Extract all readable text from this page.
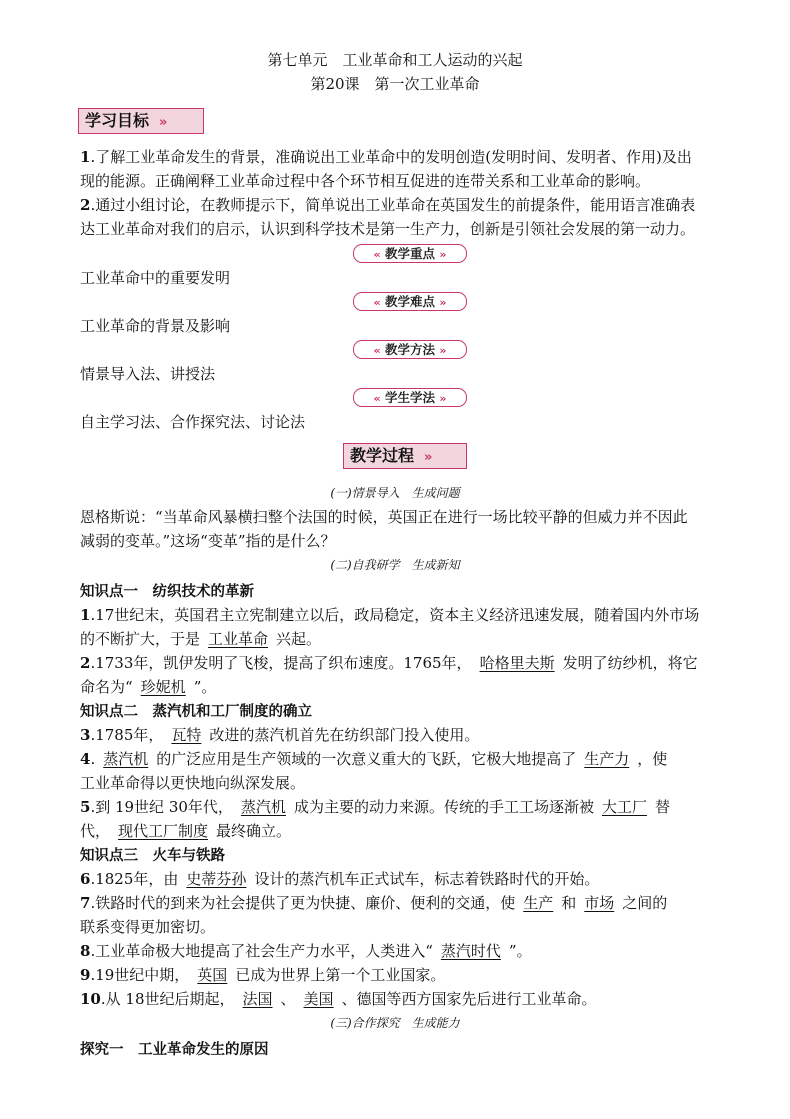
第七单元　工业革命和工人运动的兴起
第20课　第一次工业革命
学习目标 »
1.了解工业革命发生的背景，准确说出工业革命中的发明创造(发明时间、发明者、作用)及出
现的能源。正确阐释工业革命过程中各个环节相互促进的连带关系和工业革命的影响。
2.通过小组讨论，在教师提示下，简单说出工业革命在英国发生的前提条件，能用语言准确表
达工业革命对我们的启示，认识到科学技术是第一生产力，创新是引领社会发展的第一动力。
« 教学重点 »
工业革命中的重要发明
« 教学难点 »
工业革命的背景及影响
« 教学方法 »
情景导入法、讲授法
« 学生学法 »
自主学习法、合作探究法、讨论法
教学过程 »
(一)情景导入　生成问题
恩格斯说：“当革命风暴横扫整个法国的时候，英国正在进行一场比较平静的但威力并不因此
减弱的变革。”这场“变革”指的是什么？
(二)自我研学　生成新知
知识点一　纺织技术的革新
1.17世纪末，英国君主立宪制建立以后，政局稳定，资本主义经济迅速发展，随着国内外市场
的不断扩大，于是 工业革命 兴起。
2.1733年，凯伊发明了飞梭，提高了织布速度。1765年， 哈格里夫斯 发明了纺纱机，将它
命名为“ 珍妮机 ”。
知识点二　蒸汽机和工厂制度的确立
3.1785年， 瓦特 改进的蒸汽机首先在纺织部门投入使用。
4. 蒸汽机 的广泛应用是生产领域的一次意义重大的飞跃，它极大地提高了 生产力 ，使
工业革命得以更快地向纵深发展。
5.到 19世纪 30年代， 蒸汽机 成为主要的动力来源。传统的手工工场逐渐被 大工厂 替
代， 现代工厂制度 最终确立。
知识点三　火车与铁路
6.1825年，由 史蒂芬孙 设计的蒸汽机车正式试车，标志着铁路时代的开始。
7.铁路时代的到来为社会提供了更为快捷、廉价、便利的交通，使 生产 和 市场 之间的
联系变得更加密切。
8.工业革命极大地提高了社会生产力水平，人类进入“ 蒸汽时代 ”。
9.19世纪中期， 英国 已成为世界上第一个工业国家。
10.从 18世纪后期起， 法国 、 美国 、德国等西方国家先后进行工业革命。
(三)合作探究　生成能力
探究一　工业革命发生的原因
